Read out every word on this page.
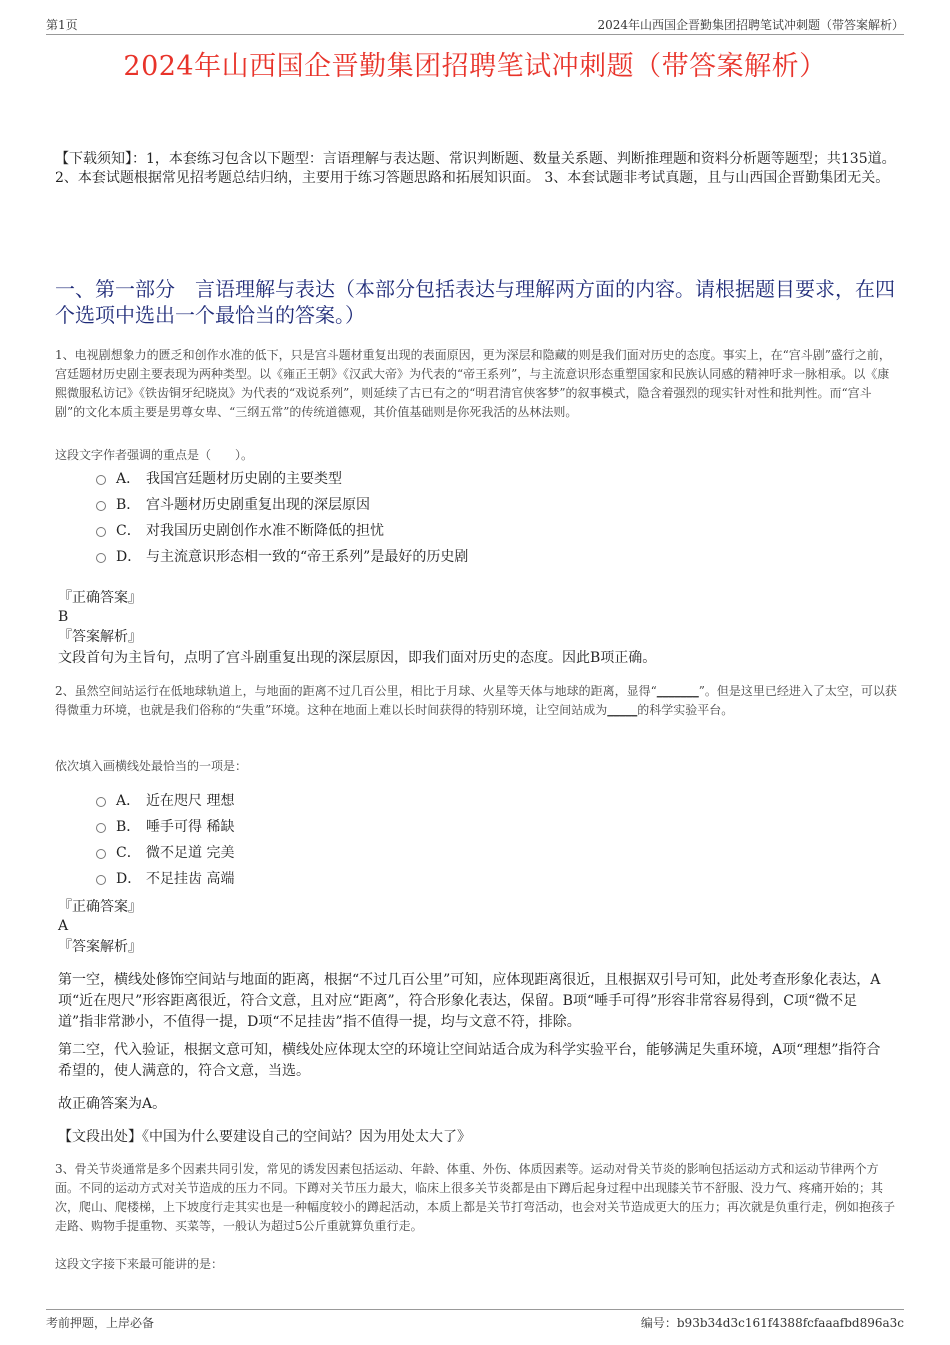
第1页	2024年山西国企晋勤集团招聘笔试冲刺题（带答案解析）
2024年山西国企晋勤集团招聘笔试冲刺题（带答案解析）
【下载须知】：1，本套练习包含以下题型：言语理解与表达题、常识判断题、数量关系题、判断推理题和资料分析题等题型；共135道。 2、本套试题根据常见招考题总结归纳，主要用于练习答题思路和拓展知识面。 3、本套试题非考试真题，且与山西国企晋勤集团无关。
一、第一部分　言语理解与表达（本部分包括表达与理解两方面的内容。请根据题目要求，在四个选项中选出一个最恰当的答案。）
1、电视剧想象力的匮乏和创作水准的低下，只是宫斗题材重复出现的表面原因，更为深层和隐藏的则是我们面对历史的态度。事实上，在“宫斗剧”盛行之前，宫廷题材历史剧主要表现为两种类型。以《雍正王朝》《汉武大帝》为代表的“帝王系列”，与主流意识形态重塑国家和民族认同感的精神吁求一脉相承。以《康熙微服私访记》《铁齿铜牙纪晓岚》为代表的“戏说系列”，则延续了古已有之的“明君清官侠客梦”的叙事模式，隐含着强烈的现实针对性和批判性。而“宫斗剧”的文化本质主要是男尊女卑、“三纲五常”的传统道德观，其价值基础则是你死我活的丛林法则。
这段文字作者强调的重点是（　　）。
A． 我国宫廷题材历史剧的主要类型
B． 宫斗题材历史剧重复出现的深层原因
C． 对我国历史剧创作水准不断降低的担忧
D． 与主流意识形态相一致的“帝王系列”是最好的历史剧
『正确答案』
B
『答案解析』
文段首句为主旨句，点明了宫斗剧重复出现的深层原因，即我们面对历史的态度。因此B项正确。
2、虽然空间站运行在低地球轨道上，与地面的距离不过几百公里，相比于月球、火星等天体与地球的距离，显得“_______”。但是这里已经进入了太空，可以获得微重力环境，也就是我们俗称的“失重”环境。这种在地面上难以长时间获得的特别环境，让空间站成为_____的科学实验平台。
依次填入画横线处最恰当的一项是：
A． 近在咫尺 理想
B． 唾手可得 稀缺
C． 微不足道 完美
D． 不足挂齿 高端
『正确答案』
A
『答案解析』
第一空，横线处修饰空间站与地面的距离，根据“不过几百公里”可知，应体现距离很近，且根据双引号可知，此处考查形象化表达，A项“近在咫尺”形容距离很近，符合文意，且对应“距离”，符合形象化表达，保留。B项“唾手可得”形容非常容易得到，C项“微不足道”指非常渺小，不值得一提，D项“不足挂齿”指不值得一提，均与文意不符，排除。
第二空，代入验证，根据文意可知，横线处应体现太空的环境让空间站适合成为科学实验平台，能够满足失重环境，A项“理想”指符合希望的，使人满意的，符合文意，当选。
故正确答案为A。
【文段出处】《中国为什么要建设自己的空间站？因为用处太大了》
3、骨关节炎通常是多个因素共同引发，常见的诱发因素包括运动、年龄、体重、外伤、体质因素等。运动对骨关节炎的影响包括运动方式和运动节律两个方面。不同的运动方式对关节造成的压力不同。下蹲对关节压力最大，临床上很多关节炎都是由下蹲后起身过程中出现膝关节不舒服、没力气、疼痛开始的；其次，爬山、爬楼梯，上下坡度行走其实也是一种幅度较小的蹲起活动，本质上都是关节打弯活动，也会对关节造成更大的压力；再次就是负重行走，例如抱孩子走路、购物手提重物、买菜等，一般认为超过5公斤重就算负重行走。
这段文字接下来最可能讲的是：
考前押题，上岸必备	编号：b93b34d3c161f4388fcfaaafbd896a3c
